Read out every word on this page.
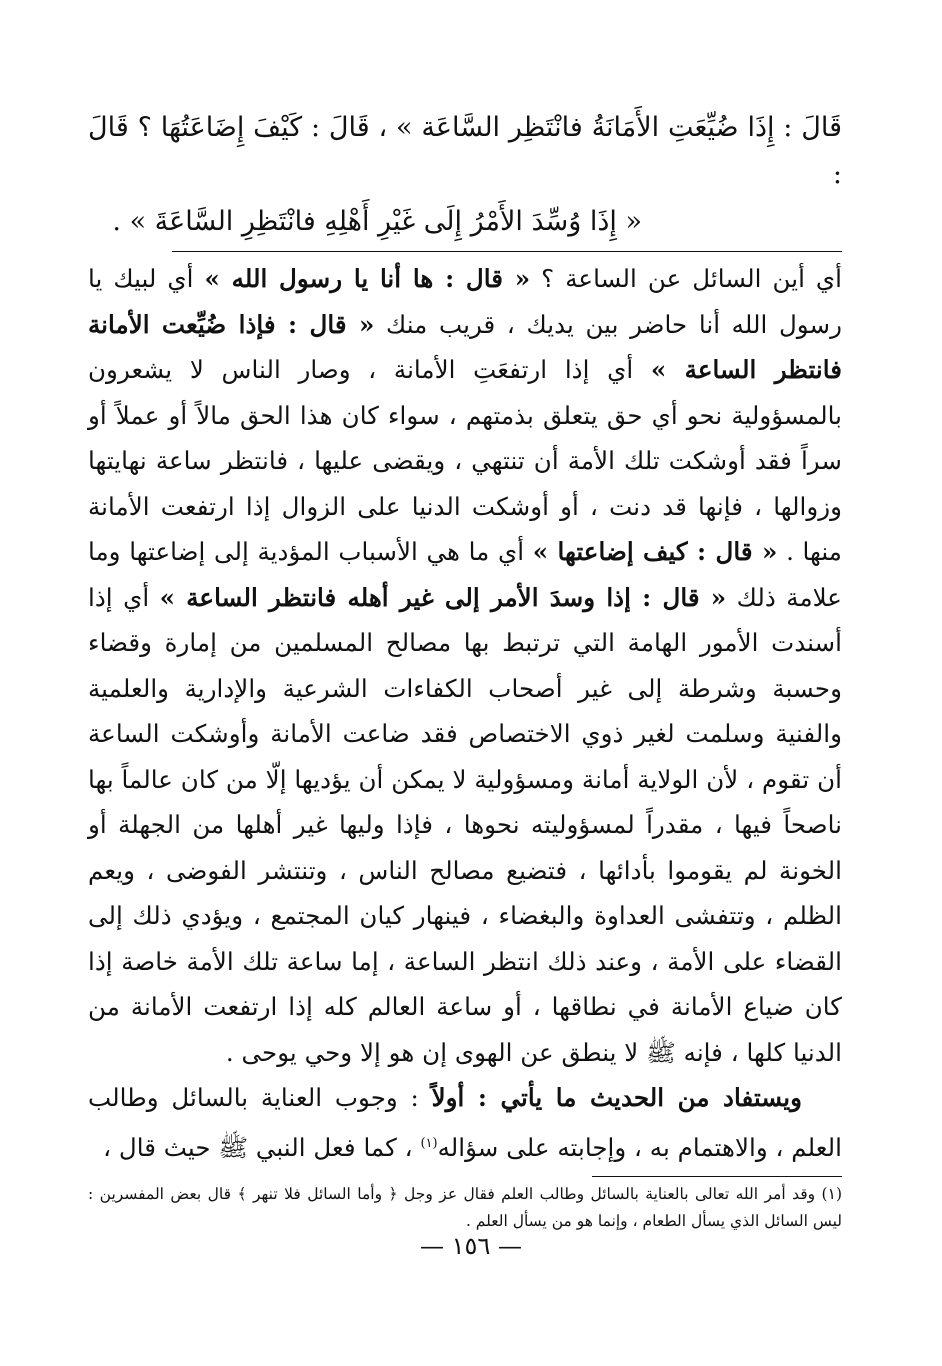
قَالَ : إِذَا ضُيِّعَتِ الأَمَانَةُ فانْتَظِر السَّاعَة » ، قَالَ : كَيْفَ إِضَاعَتُهَا ؟ قَالَ :
« إِذَا وُسِّدَ الأَمْرُ إِلَى غَيْرِ أَهْلِهِ فانْتَظِرِ السَّاعَةَ » .

أي أين السائل عن الساعة ؟ « قال : ها أنا يا رسول الله » أي لبيك يا رسول الله أنا حاضر بين يديك ، قريب منك « قال : فإذا ضُيِّعت الأمانة فانتظر الساعة » أي إذا ارتفعَتِ الأمانة ، وصار الناس لا يشعرون بالمسؤولية نحو أي حق يتعلق بذمتهم ، سواء كان هذا الحق مالاً أو عملاً أو سراً فقد أوشكت تلك الأمة أن تنتهي ، ويقضى عليها ، فانتظر ساعة نهايتها وزوالها ، فإنها قد دنت ، أو أوشكت الدنيا على الزوال إذا ارتفعت الأمانة منها . « قال : كيف إضاعتها » أي ما هي الأسباب المؤدية إلى إضاعتها وما علامة ذلك « قال : إذا وسدَ الأمر إلى غير أهله فانتظر الساعة » أي إذا أسندت الأمور الهامة التي ترتبط بها مصالح المسلمين من إمارة وقضاء وحسبة وشرطة إلى غير أصحاب الكفاءات الشرعية والإدارية والعلمية والفنية وسلمت لغير ذوي الاختصاص فقد ضاعت الأمانة وأوشكت الساعة أن تقوم ، لأن الولاية أمانة ومسؤولية لا يمكن أن يؤديها إلّا من كان عالماً بها ناصحاً فيها ، مقدراً لمسؤوليته نحوها ، فإذا وليها غير أهلها من الجهلة أو الخونة لم يقوموا بأدائها ، فتضيع مصالح الناس ، وتنتشر الفوضى ، ويعم الظلم ، وتتفشى العداوة والبغضاء ، فينهار كيان المجتمع ، ويؤدي ذلك إلى القضاء على الأمة ، وعند ذلك انتظر الساعة ، إما ساعة تلك الأمة خاصة إذا كان ضياع الأمانة في نطاقها ، أو ساعة العالم كله إذا ارتفعت الأمانة من الدنيا كلها ، فإنه ﷺ لا ينطق عن الهوى إن هو إلا وحي يوحى .

ويستفاد من الحديث ما يأتي : أولاً : وجوب العناية بالسائل وطالب العلم ، والاهتمام به ، وإجابته على سؤاله$^{(١)}$ ، كما فعل النبي ﷺ حيث قال ،

(١) وقد أمر الله تعالى بالعناية بالسائل وطالب العلم فقال عز وجل ﴿ وأما السائل فلا تنهر ﴾ قال بعض المفسرين : ليس السائل الذي يسأل الطعام ، وإنما هو من يسأل العلم .

— ١٥٦ —
